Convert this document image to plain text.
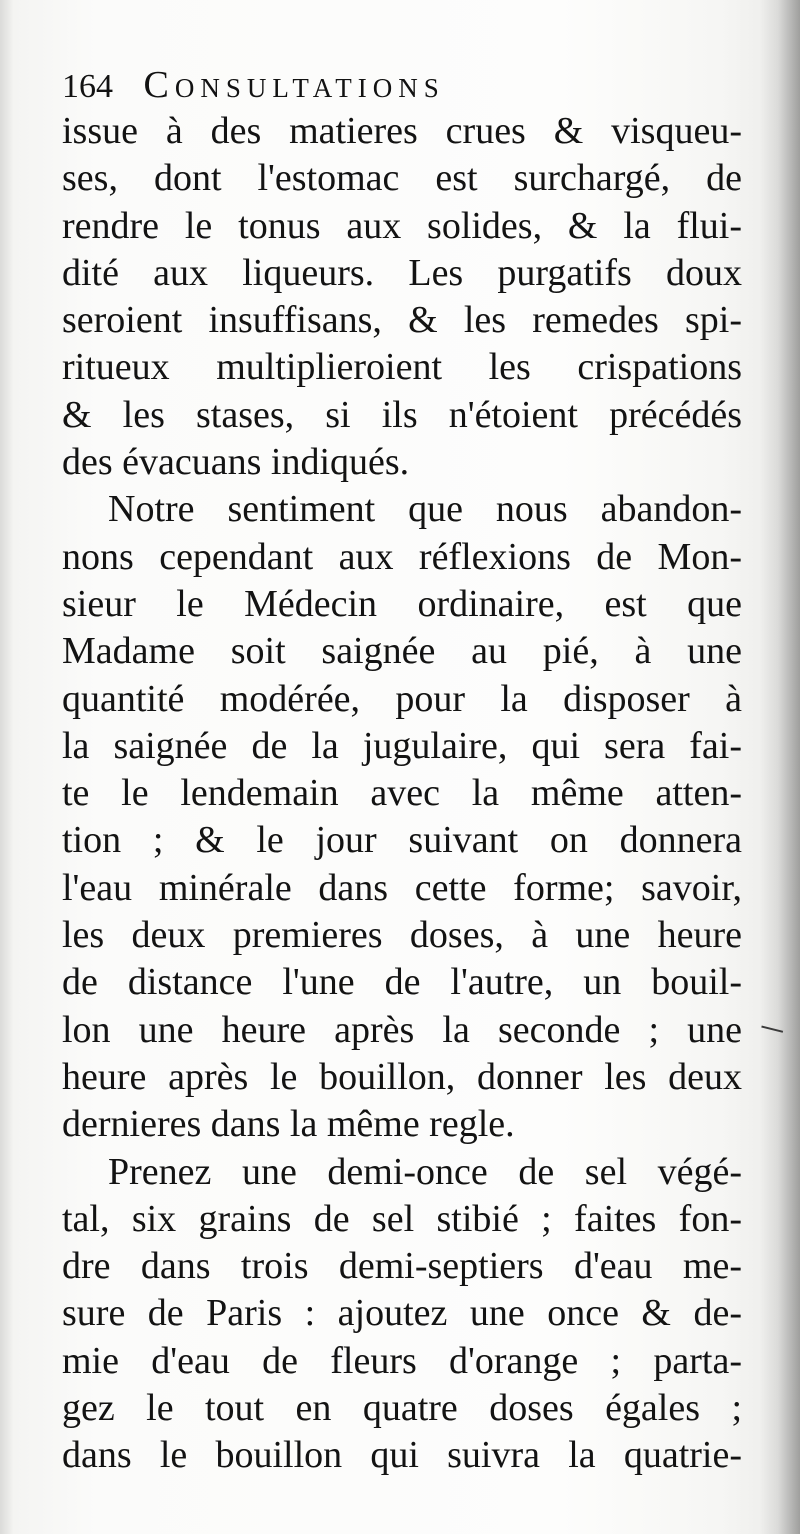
164 Consultations
issue à des matieres crues & visqueu-
ses, dont l'estomac est surchargé, de
rendre le tonus aux solides, & la flui-
dité aux liqueurs. Les purgatifs doux
seroient insuffisans, & les remedes spi-
ritueux multiplieroient les crispations
& les stases, si ils n'étoient précédés
des évacuans indiqués.
Notre sentiment que nous abandon-
nons cependant aux réflexions de Mon-
sieur le Médecin ordinaire, est que
Madame soit saignée au pié, à une
quantité modérée, pour la disposer à
la saignée de la jugulaire, qui sera fai-
te le lendemain avec la même atten-
tion ; & le jour suivant on donnera
l'eau minérale dans cette forme; savoir,
les deux premieres doses, à une heure
de distance l'une de l'autre, un bouil-
lon une heure après la seconde ; une
heure après le bouillon, donner les deux
dernieres dans la même regle.
Prenez une demi-once de sel végé-
tal, six grains de sel stibié ; faites fon-
dre dans trois demi-septiers d'eau me-
sure de Paris : ajoutez une once & de-
mie d'eau de fleurs d'orange ; parta-
gez le tout en quatre doses égales ;
dans le bouillon qui suivra la quatrie-
